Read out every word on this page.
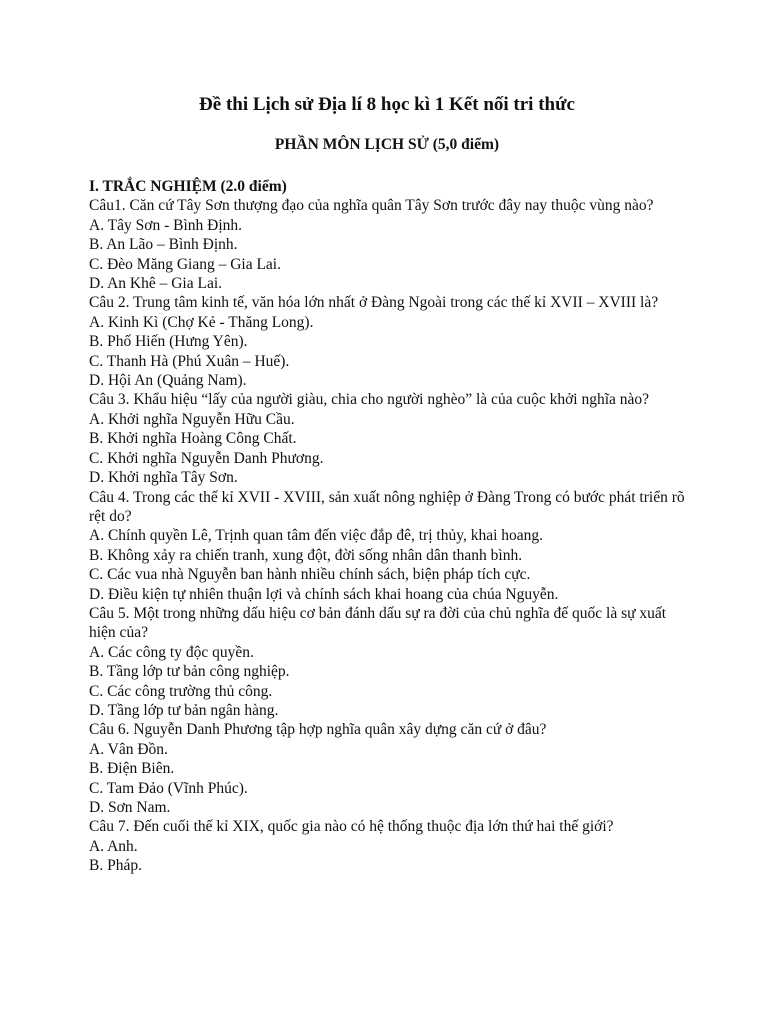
Đề thi Lịch sử Địa lí 8 học kì 1 Kết nối tri thức

PHẦN MÔN LỊCH SỬ (5,0 điểm)

I. TRẮC NGHIỆM (2.0 điểm)

Câu1. Căn cứ Tây Sơn thượng đạo của nghĩa quân Tây Sơn trước đây nay thuộc vùng nào?

A. Tây Sơn - Bình Định.

B. An Lão – Bình Định.

C. Đèo Măng Giang – Gia Lai.

D. An Khê – Gia Lai.

Câu 2. Trung tâm kinh tế, văn hóa lớn nhất ở Đàng Ngoài trong các thế kỉ XVII – XVIII là?

A. Kinh Kì (Chợ Kẻ - Thăng Long).

B. Phố Hiến (Hưng Yên).

C. Thanh Hà (Phú Xuân – Huế).

D. Hội An (Quảng Nam).

Câu 3. Khẩu hiệu “lấy của người giàu, chia cho người nghèo” là của cuộc khởi nghĩa nào?

A. Khởi nghĩa Nguyễn Hữu Cầu.

B. Khởi nghĩa Hoàng Công Chất.

C. Khởi nghĩa Nguyễn Danh Phương.

D. Khởi nghĩa Tây Sơn.

Câu 4. Trong các thế kỉ XVII - XVIII, sản xuất nông nghiệp ở Đàng Trong có bước phát triển rõ rệt do?

A. Chính quyền Lê, Trịnh quan tâm đến việc đắp đê, trị thủy, khai hoang.

B. Không xảy ra chiến tranh, xung đột, đời sống nhân dân thanh bình.

C. Các vua nhà Nguyễn ban hành nhiều chính sách, biện pháp tích cực.

D. Điều kiện tự nhiên thuận lợi và chính sách khai hoang của chúa Nguyễn.

Câu 5. Một trong những dấu hiệu cơ bản đánh dấu sự ra đời của chủ nghĩa đế quốc là sự xuất hiện của?

A. Các công ty độc quyền.

B. Tầng lớp tư bản công nghiệp.

C. Các công trường thủ công.

D. Tầng lớp tư bản ngân hàng.

Câu 6. Nguyễn Danh Phương tập hợp nghĩa quân xây dựng căn cứ ở đâu?

A. Vân Đồn.

B. Điện Biên.

C. Tam Đảo (Vĩnh Phúc).

D. Sơn Nam.

Câu 7. Đến cuối thế kỉ XIX, quốc gia nào có hệ thống thuộc địa lớn thứ hai thế giới?

A. Anh.

B. Pháp.
